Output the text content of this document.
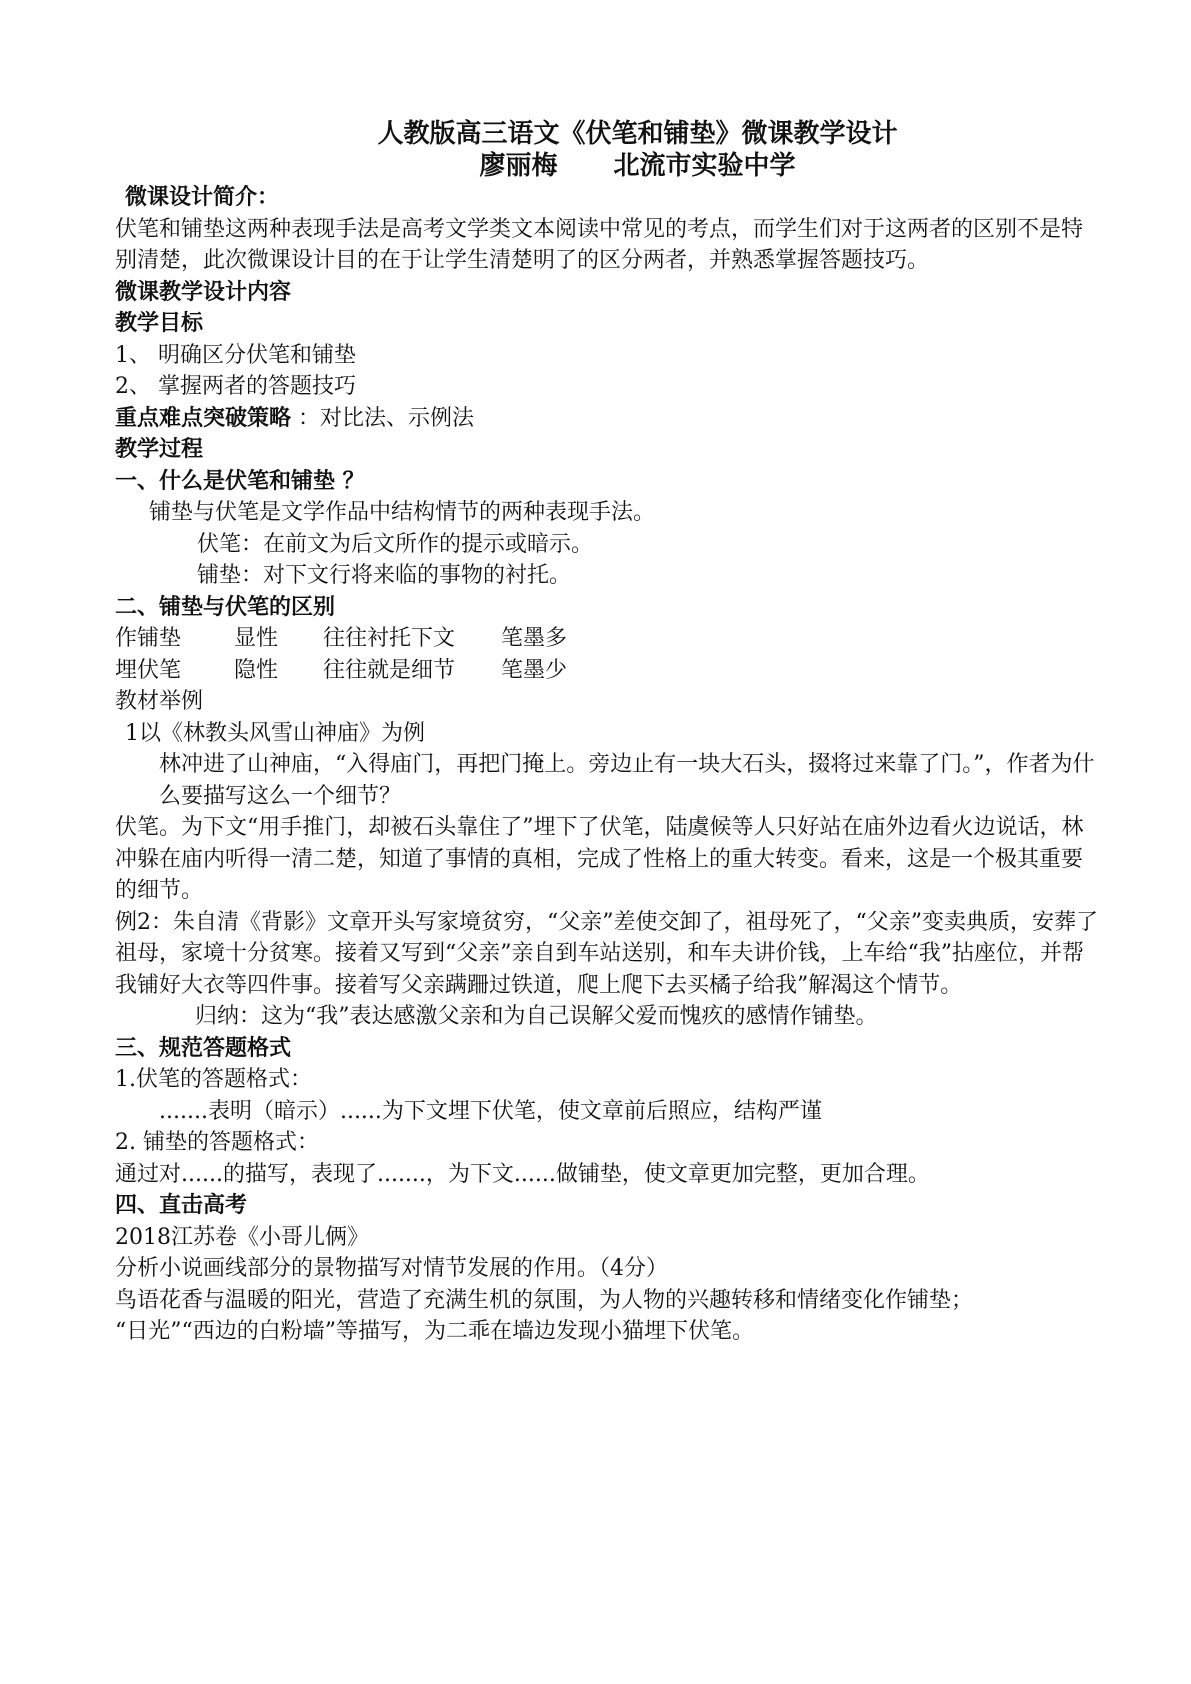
人教版高三语文《伏笔和铺垫》微课教学设计
廖丽梅 北流市实验中学
微课设计简介：
伏笔和铺垫这两种表现手法是高考文学类文本阅读中常见的考点，而学生们对于这两者的区别不是特别清楚，此次微课设计目的在于让学生清楚明了的区分两者，并熟悉掌握答题技巧。
微课教学设计内容
教学目标
1、 明确区分伏笔和铺垫
2、 掌握两者的答题技巧
重点难点突破策略 ：对比法、示例法
教学过程
一、什么是伏笔和铺垫 ？
铺垫与伏笔是文学作品中结构情节的两种表现手法。
伏笔：在前文为后文所作的提示或暗示。
铺垫：对下文行将来临的事物的衬托。
二、铺垫与伏笔的区别
作铺垫	显性	往往衬托下文	笔墨多
埋伏笔	隐性	往往就是细节	笔墨少
教材举例
1以《林教头风雪山神庙》为例
林冲进了山神庙，“入得庙门，再把门掩上。旁边止有一块大石头，掇将过来靠了门。”，作者为什么要描写这么一个细节？
伏笔。为下文“用手推门，却被石头靠住了”埋下了伏笔，陆虞候等人只好站在庙外边看火边说话，林冲躲在庙内听得一清二楚，知道了事情的真相，完成了性格上的重大转变。看来，这是一个极其重要的细节。
例2：朱自清《背影》文章开头写家境贫穷，“父亲”差使交卸了，祖母死了，“父亲”变卖典质，安葬了祖母，家境十分贫寒。接着又写到“父亲”亲自到车站送别，和车夫讲价钱，上车给“我”拈座位，并帮我铺好大衣等四件事。接着写父亲蹒跚过铁道，爬上爬下去买橘子给我”解渴这个情节。
归纳：这为“我”表达感激父亲和为自己误解父爱而愧疚的感情作铺垫。
三、规范答题格式
1.伏笔的答题格式：
.......表明（暗示）......为下文埋下伏笔，使文章前后照应，结构严谨
2. 铺垫的答题格式：
通过对......的描写，表现了.......，为下文......做铺垫，使文章更加完整，更加合理。
四、直击高考
2018江苏卷《小哥儿俩》
分析小说画线部分的景物描写对情节发展的作用。（4分）
鸟语花香与温暖的阳光，营造了充满生机的氛围，为人物的兴趣转移和情绪变化作铺垫；
“日光”“西边的白粉墙”等描写，为二乖在墙边发现小猫埋下伏笔。
